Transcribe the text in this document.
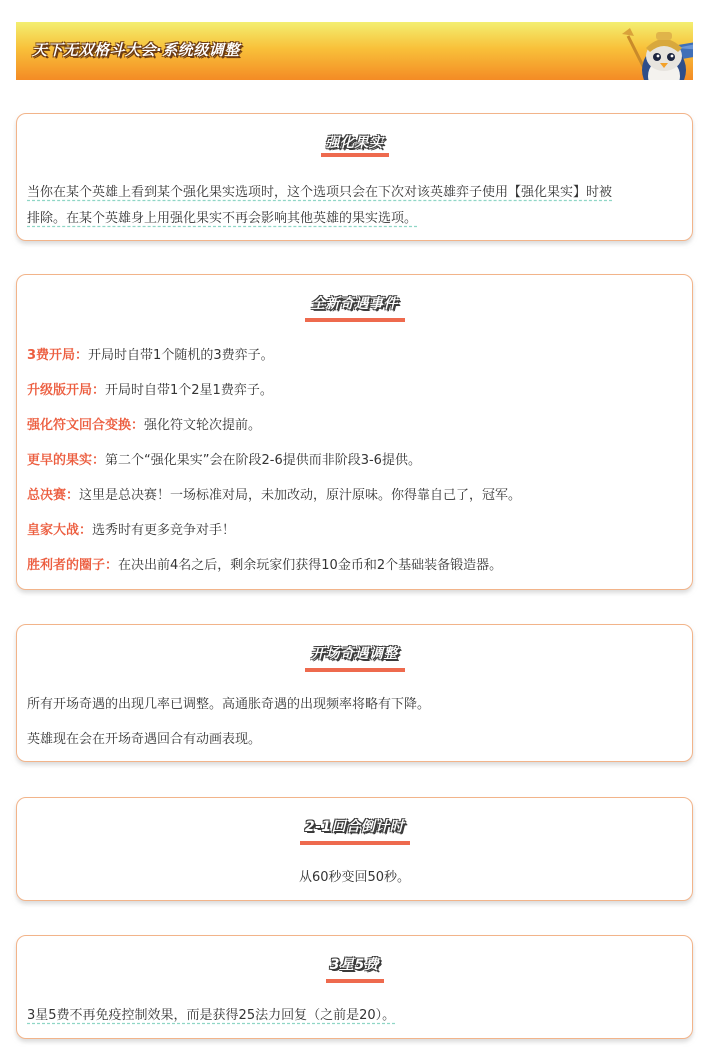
天下无双格斗大会·系统级调整
强化果实
当你在某个英雄上看到某个强化果实选项时，这个选项只会在下次对该英雄弈子使用【强化果实】时被
排除。在某个英雄身上用强化果实不再会影响其他英雄的果实选项。
全新奇遇事件
3费开局：开局时自带1个随机的3费弈子。
升级版开局：开局时自带1个2星1费弈子。
强化符文回合变换：强化符文轮次提前。
更早的果实：第二个“强化果实”会在阶段2-6提供而非阶段3-6提供。
总决赛：这里是总决赛！一场标准对局，未加改动，原汁原味。你得靠自己了，冠军。
皇家大战：选秀时有更多竞争对手！
胜利者的圈子：在决出前4名之后，剩余玩家们获得10金币和2个基础装备锻造器。
开场奇遇调整
所有开场奇遇的出现几率已调整。高通胀奇遇的出现频率将略有下降。
英雄现在会在开场奇遇回合有动画表现。
2-1回合倒计时
从60秒变回50秒。
3星5费
3星5费不再免疫控制效果，而是获得25法力回复（之前是20）。
